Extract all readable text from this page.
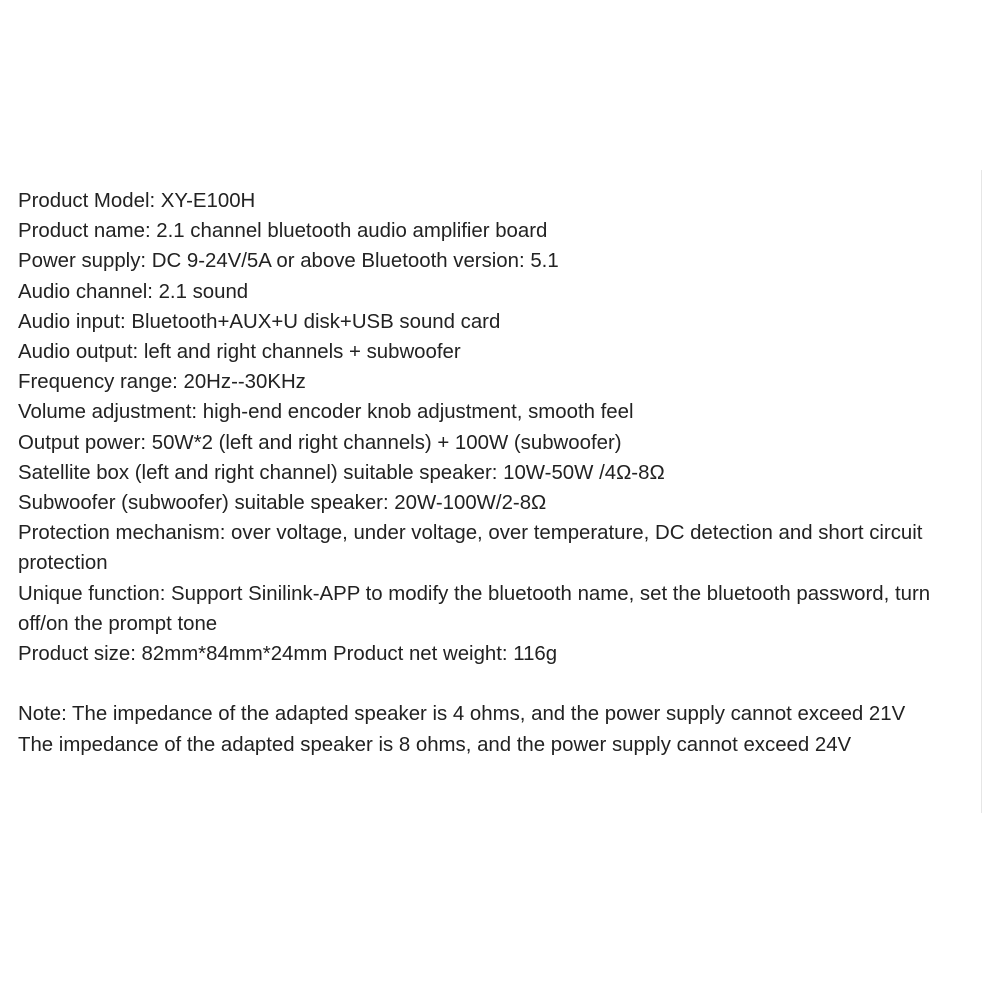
Product Model: XY-E100H

Product name: 2.1 channel bluetooth audio amplifier board

Power supply: DC 9-24V/5A or above Bluetooth version: 5.1

Audio channel: 2.1 sound

Audio input: Bluetooth+AUX+U disk+USB sound card

Audio output: left and right channels + subwoofer

Frequency range: 20Hz--30KHz

Volume adjustment: high-end encoder knob adjustment, smooth feel

Output power: 50W*2 (left and right channels) + 100W (subwoofer)

Satellite box (left and right channel) suitable speaker: 10W-50W /4Ω-8Ω

Subwoofer (subwoofer) suitable speaker: 20W-100W/2-8Ω

Protection mechanism: over voltage, under voltage, over temperature, DC detection and short circuit protection

Unique function: Support Sinilink-APP to modify the bluetooth name, set the bluetooth password, turn off/on the prompt tone

Product size: 82mm*84mm*24mm Product net weight: 116g

Note: The impedance of the adapted speaker is 4 ohms, and the power supply cannot exceed 21V

The impedance of the adapted speaker is 8 ohms, and the power supply cannot exceed 24V
